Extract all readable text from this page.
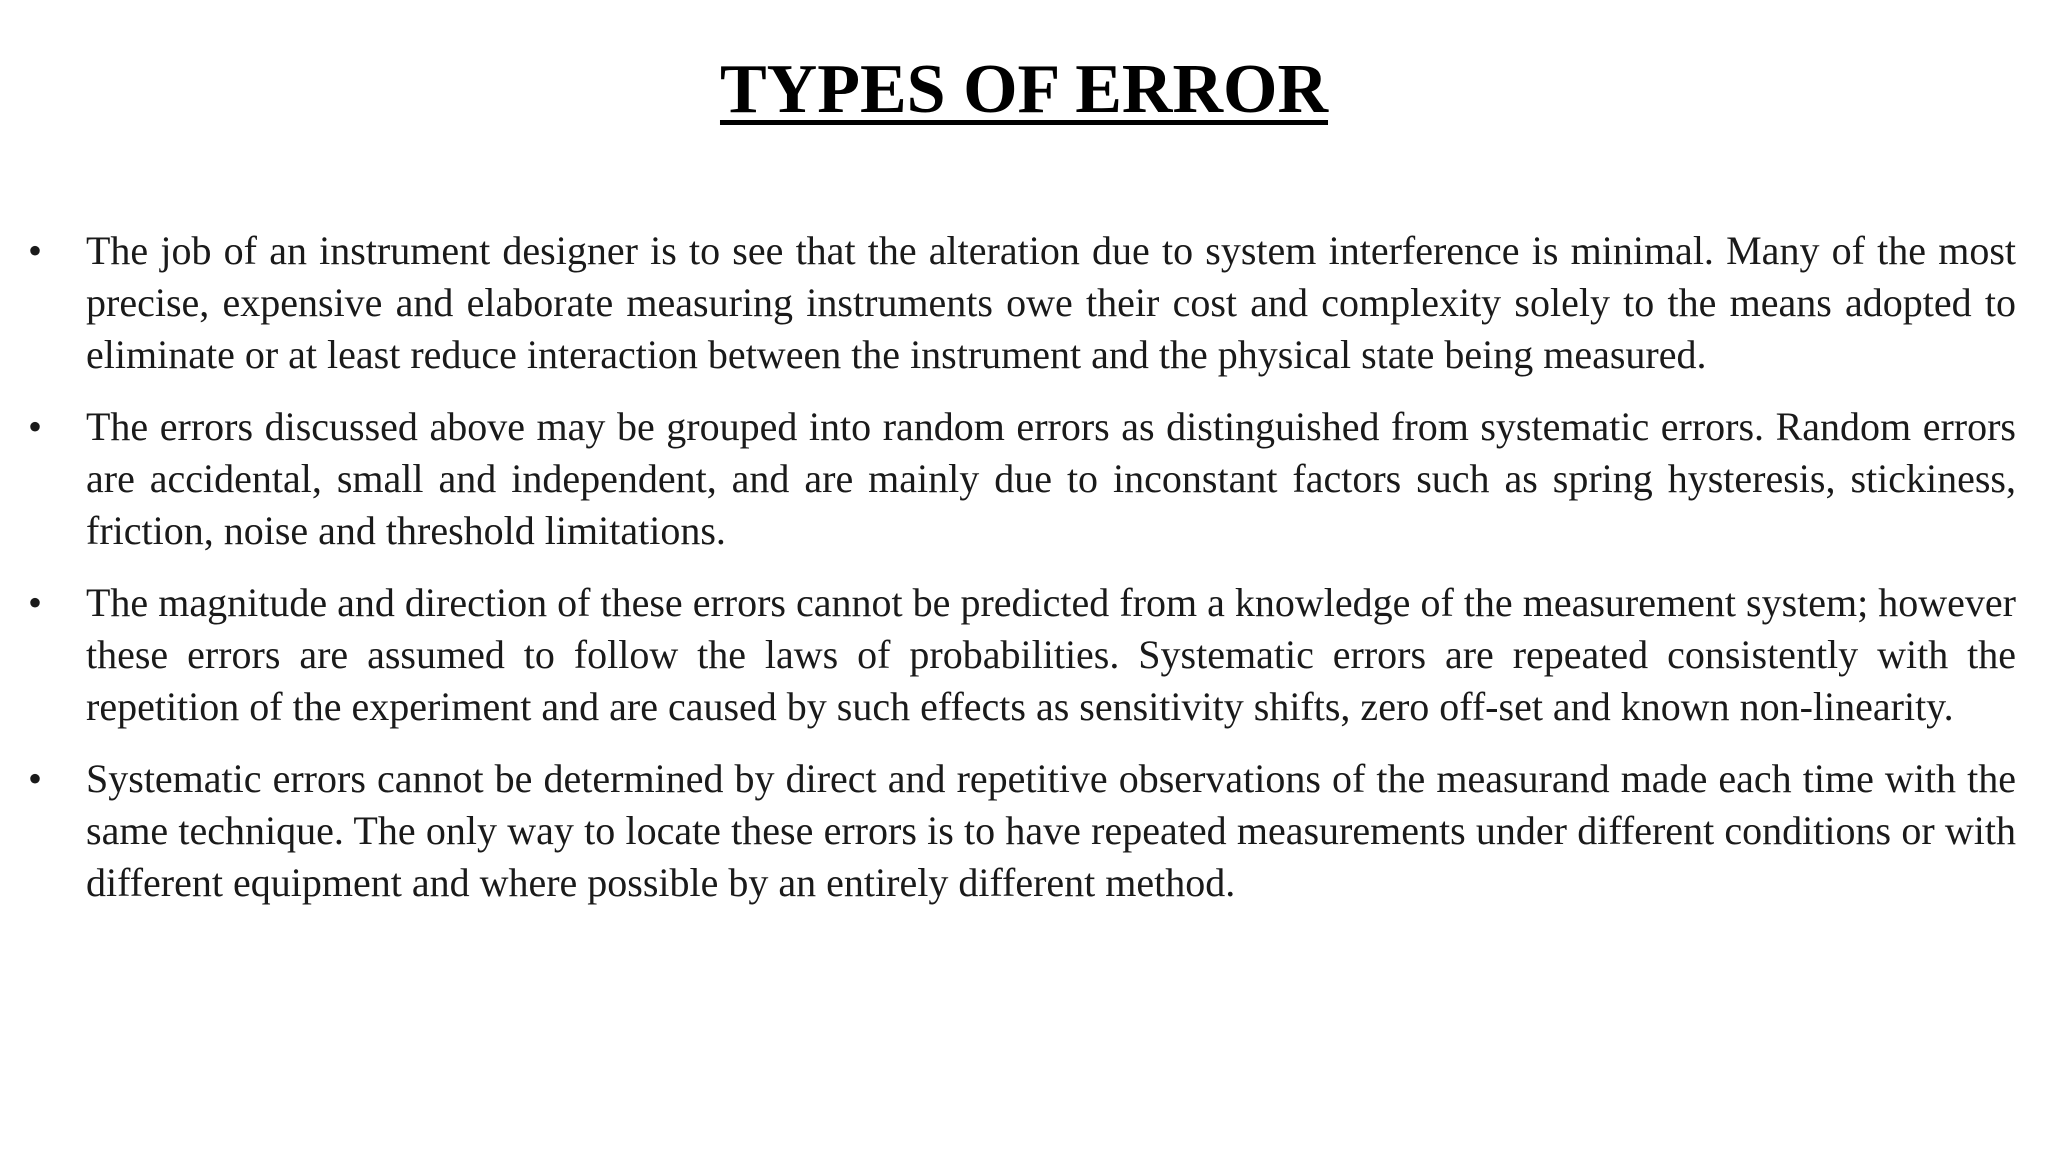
TYPES OF ERROR
• The job of an instrument designer is to see that the alteration due to system interference is minimal. Many of the most precise, expensive and elaborate measuring instruments owe their cost and complexity solely to the means adopted to eliminate or at least reduce interaction between the instrument and the physical state being measured.
• The errors discussed above may be grouped into random errors as distinguished from systematic errors. Random errors are accidental, small and independent, and are mainly due to inconstant factors such as spring hysteresis, stickiness, friction, noise and threshold limitations.
• The magnitude and direction of these errors cannot be predicted from a knowledge of the measurement system; however these errors are assumed to follow the laws of probabilities. Systematic errors are repeated consistently with the repetition of the experiment and are caused by such effects as sensitivity shifts, zero off-set and known non-linearity.
• Systematic errors cannot be determined by direct and repetitive observations of the measurand made each time with the same technique. The only way to locate these errors is to have repeated measurements under different conditions or with different equipment and where possible by an entirely different method.
